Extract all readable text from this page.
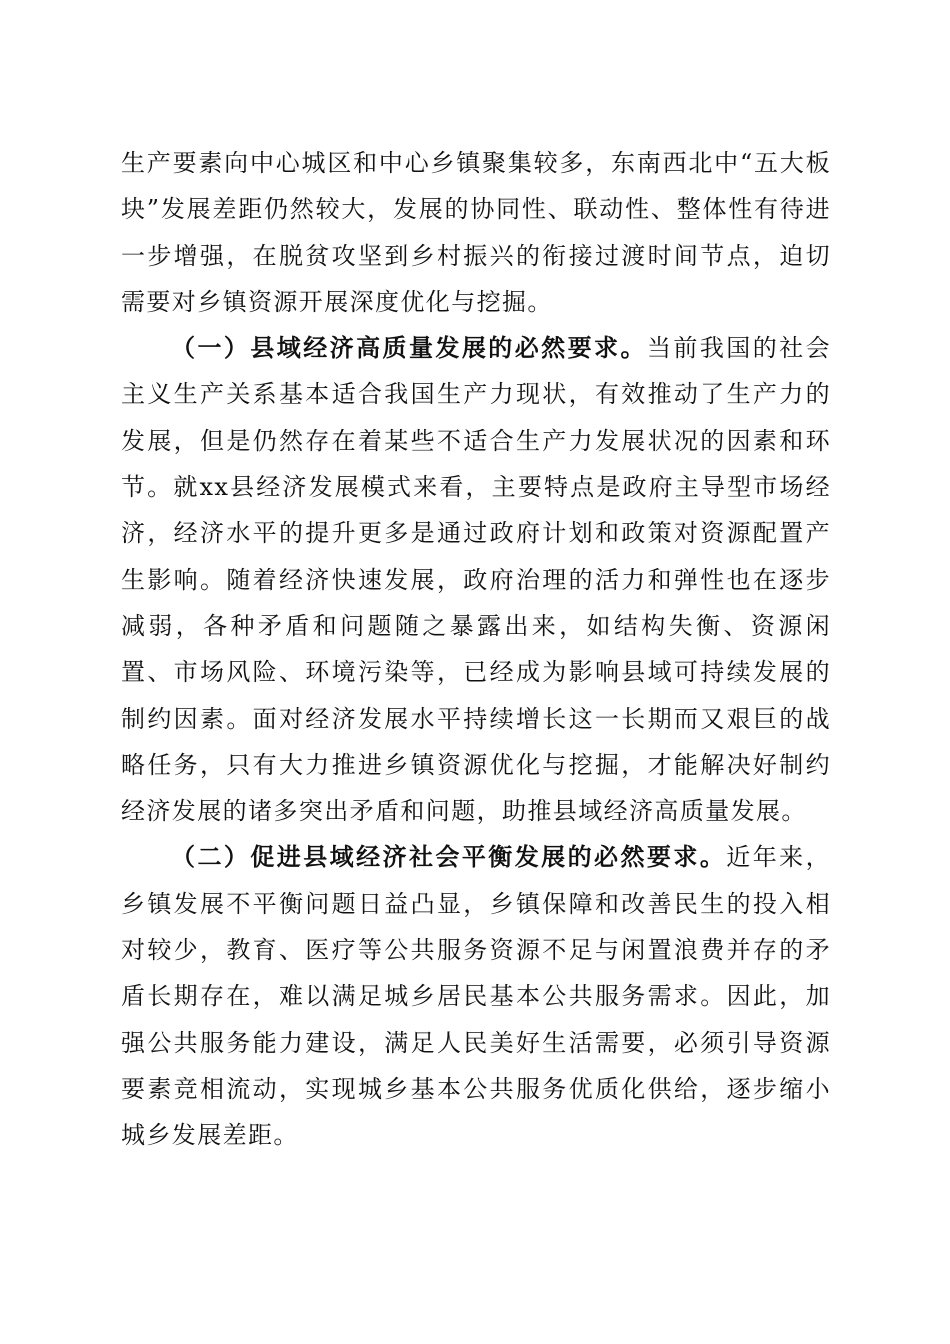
生产要素向中心城区和中心乡镇聚集较多，东南西北中“五大板块”发展差距仍然较大，发展的协同性、联动性、整体性有待进一步增强，在脱贫攻坚到乡村振兴的衔接过渡时间节点，迫切需要对乡镇资源开展深度优化与挖掘。

（一）县域经济高质量发展的必然要求。当前我国的社会主义生产关系基本适合我国生产力现状，有效推动了生产力的发展，但是仍然存在着某些不适合生产力发展状况的因素和环节。就xx县经济发展模式来看，主要特点是政府主导型市场经济，经济水平的提升更多是通过政府计划和政策对资源配置产生影响。随着经济快速发展，政府治理的活力和弹性也在逐步减弱，各种矛盾和问题随之暴露出来，如结构失衡、资源闲置、市场风险、环境污染等，已经成为影响县域可持续发展的制约因素。面对经济发展水平持续增长这一长期而又艰巨的战略任务，只有大力推进乡镇资源优化与挖掘，才能解决好制约经济发展的诸多突出矛盾和问题，助推县域经济高质量发展。

（二）促进县域经济社会平衡发展的必然要求。近年来，乡镇发展不平衡问题日益凸显，乡镇保障和改善民生的投入相对较少，教育、医疗等公共服务资源不足与闲置浪费并存的矛盾长期存在，难以满足城乡居民基本公共服务需求。因此，加强公共服务能力建设，满足人民美好生活需要，必须引导资源要素竞相流动，实现城乡基本公共服务优质化供给，逐步缩小城乡发展差距。
